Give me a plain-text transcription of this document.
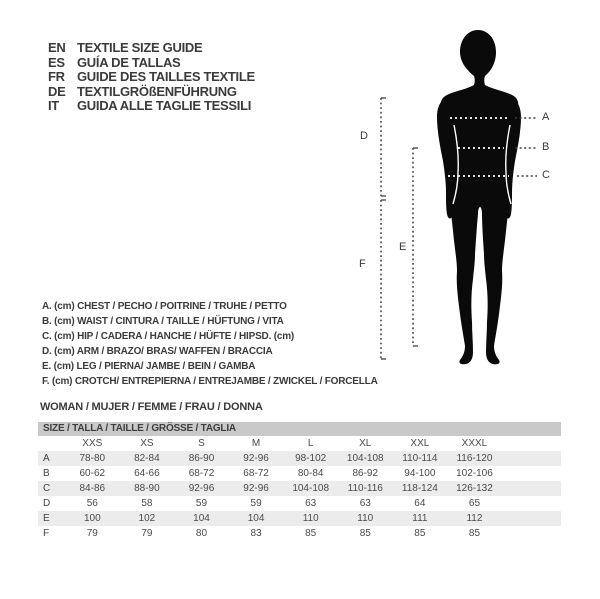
EN TEXTILE SIZE GUIDE
ES GUÍA DE TALLAS
FR GUIDE DES TAILLES TEXTILE
DE TEXTILGRÖßENFÜHRUNG
IT	GUIDA ALLE TAGLIE TESSILI
A
B
C
D
E
F
A. (cm) CHEST / PECHO / POITRINE / TRUHE / PETTO
B. (cm) WAIST / CINTURA / TAILLE / HÜFTUNG / VITA
C. (cm) HIP / CADERA / HANCHE / HÜFTE / HIPSD. (cm)
D. (cm) ARM / BRAZO/ BRAS/ WAFFEN / BRACCIA
E. (cm) LEG / PIERNA/ JAMBE / BEIN / GAMBA
F. (cm) CROTCH/ ENTREPIERNA / ENTREJAMBE / ZWICKEL / FORCELLA
WOMAN / MUJER / FEMME / FRAU / DONNA
SIZE / TALLA / TAILLE / GRÖSSE / TAGLIA
XXS	XS	S	M	L	XL	XXL	XXXL
A	78-80	82-84	86-90	92-96	98-102	104-108	110-114	116-120
B	60-62	64-66	68-72	68-72	80-84	86-92	94-100	102-106
C	84-86	88-90	92-96	92-96	104-108	110-116	118-124	126-132
D	56	58	59	59	63	63	64	65
E	100	102	104	104	110	110	111	112
F	79	79	80	83	85	85	85	85
